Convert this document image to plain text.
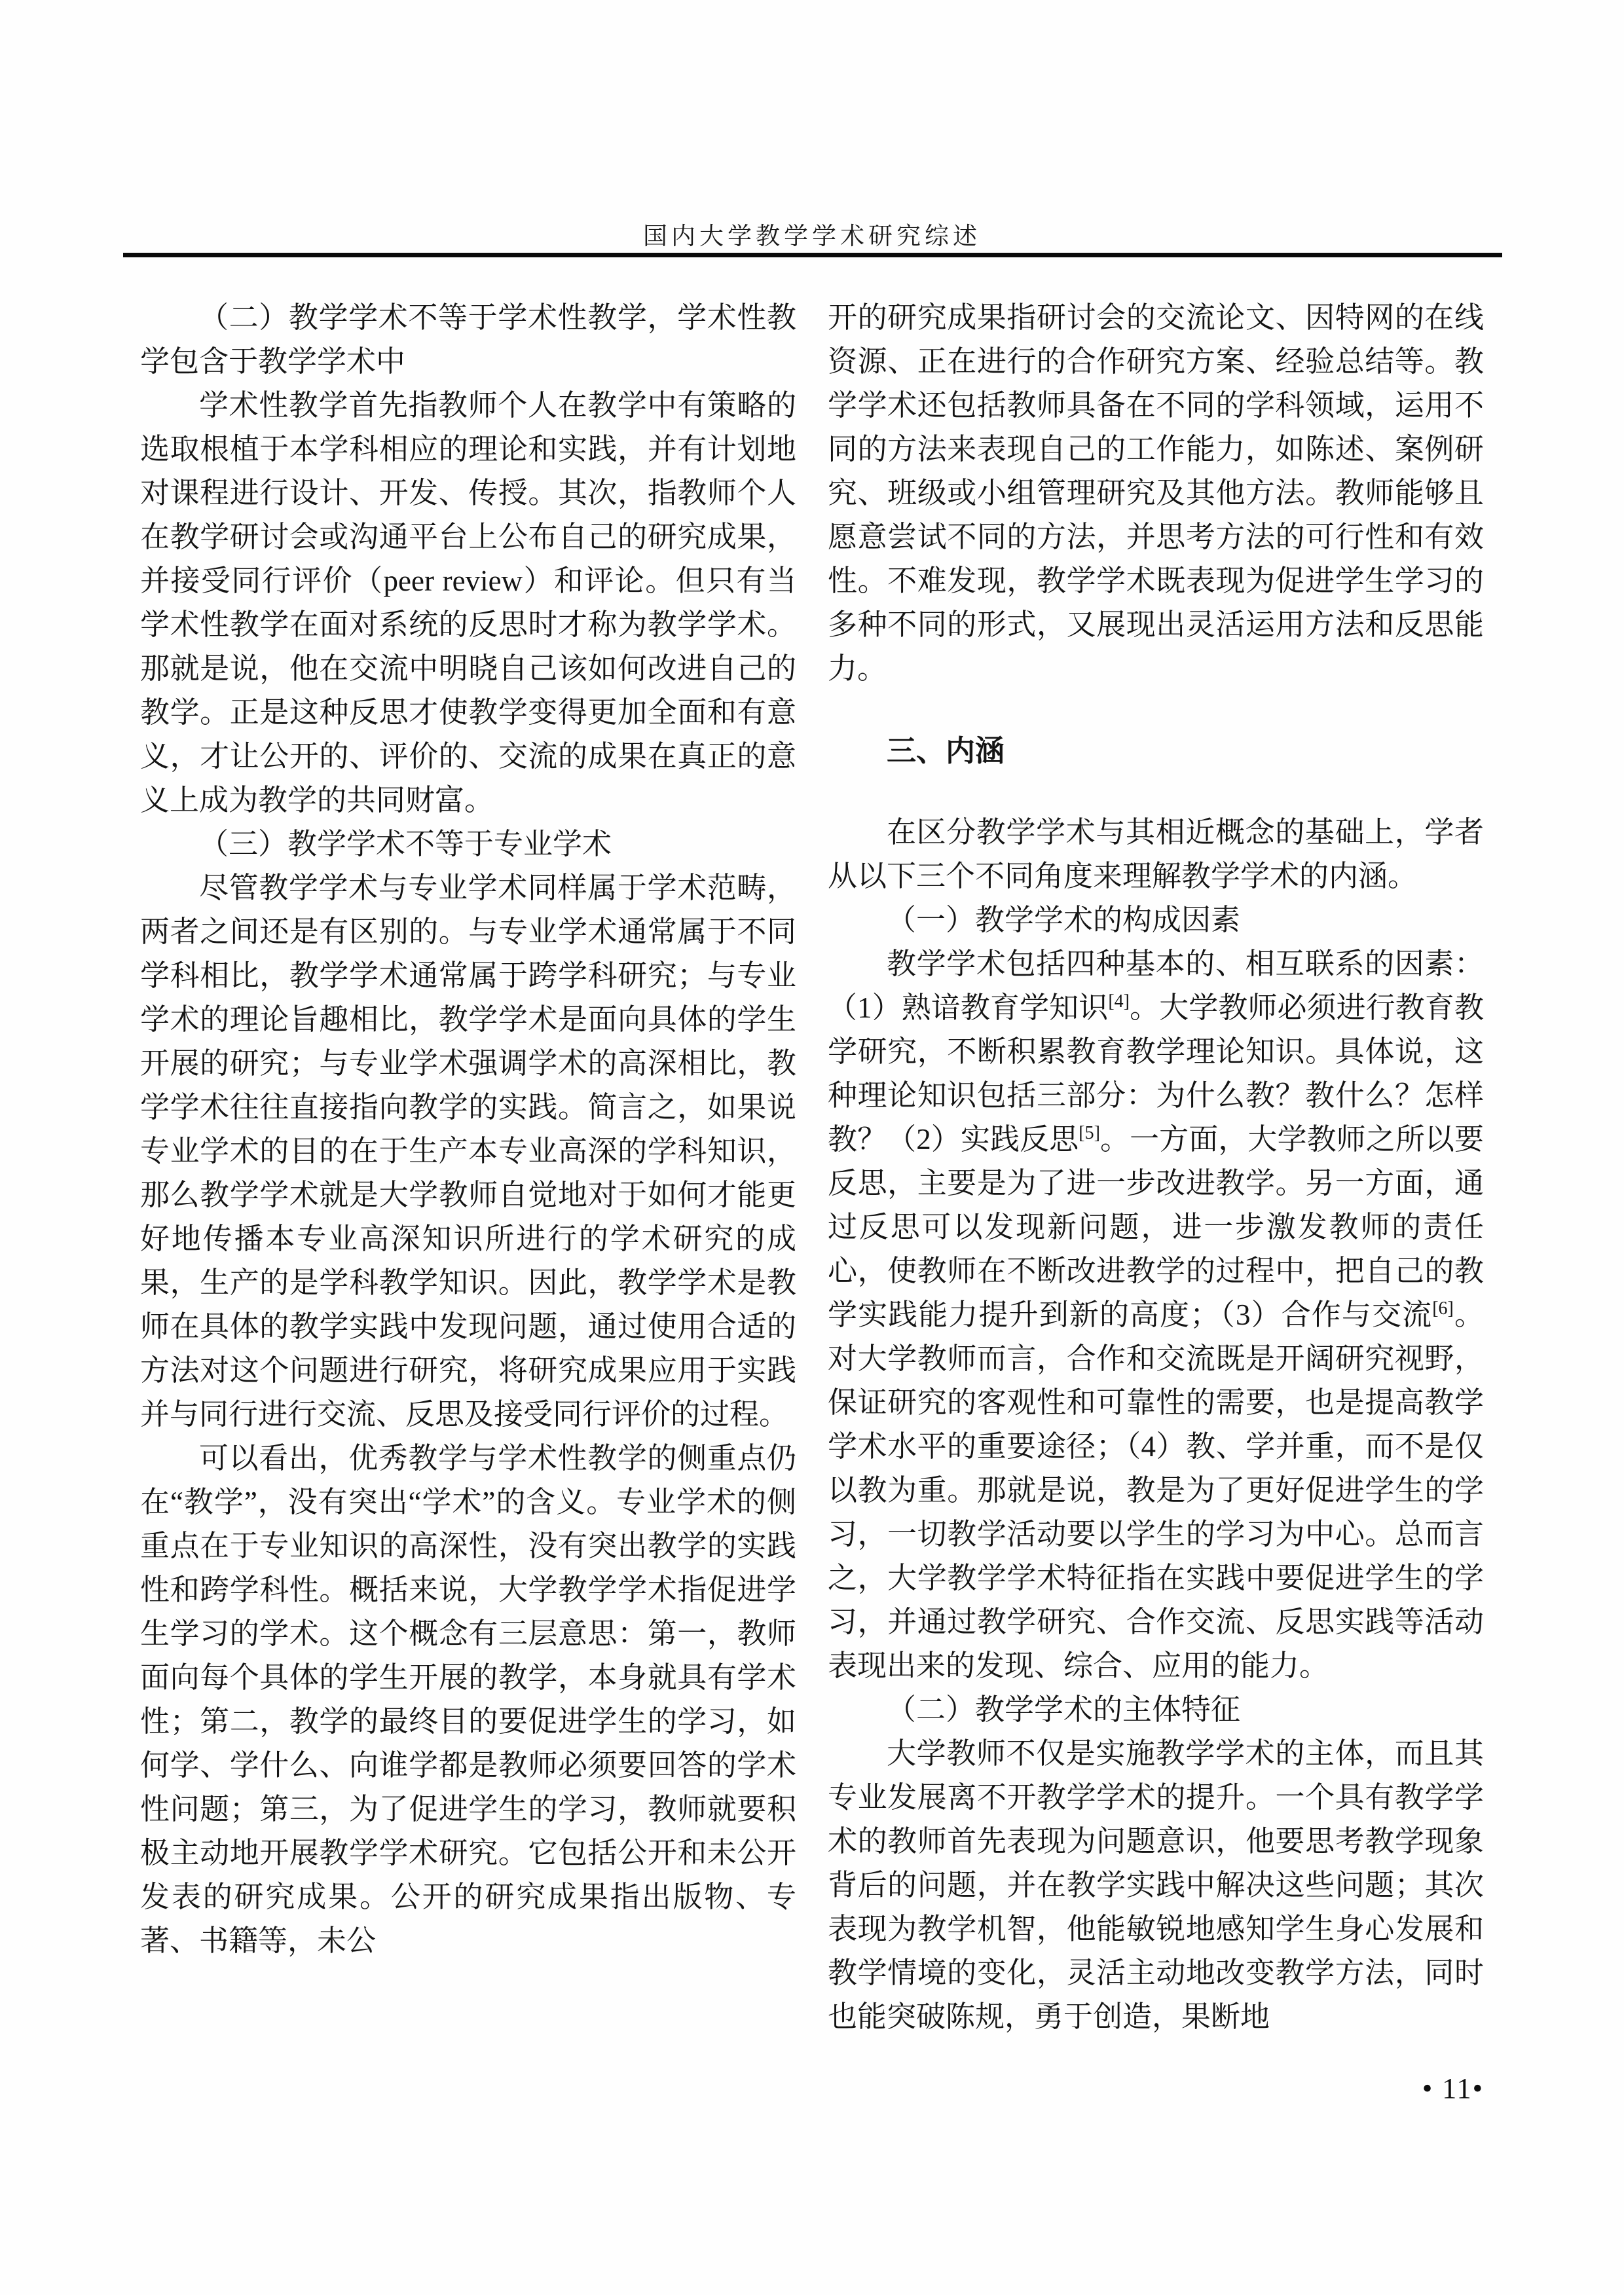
国内大学教学学术研究综述

（二）教学学术不等于学术性教学，学术性教学包含于教学学术中

学术性教学首先指教师个人在教学中有策略的选取根植于本学科相应的理论和实践，并有计划地对课程进行设计、开发、传授。其次，指教师个人在教学研讨会或沟通平台上公布自己的研究成果，并接受同行评价（peer review）和评论。但只有当学术性教学在面对系统的反思时才称为教学学术。那就是说，他在交流中明晓自己该如何改进自己的教学。正是这种反思才使教学变得更加全面和有意义，才让公开的、评价的、交流的成果在真正的意义上成为教学的共同财富。

（三）教学学术不等于专业学术

尽管教学学术与专业学术同样属于学术范畴，两者之间还是有区别的。与专业学术通常属于不同学科相比，教学学术通常属于跨学科研究；与专业学术的理论旨趣相比，教学学术是面向具体的学生开展的研究；与专业学术强调学术的高深相比，教学学术往往直接指向教学的实践。简言之，如果说专业学术的目的在于生产本专业高深的学科知识，那么教学学术就是大学教师自觉地对于如何才能更好地传播本专业高深知识所进行的学术研究的成果，生产的是学科教学知识。因此，教学学术是教师在具体的教学实践中发现问题，通过使用合适的方法对这个问题进行研究，将研究成果应用于实践并与同行进行交流、反思及接受同行评价的过程。

可以看出，优秀教学与学术性教学的侧重点仍在“教学”，没有突出“学术”的含义。专业学术的侧重点在于专业知识的高深性，没有突出教学的实践性和跨学科性。概括来说，大学教学学术指促进学生学习的学术。这个概念有三层意思：第一，教师面向每个具体的学生开展的教学，本身就具有学术性；第二，教学的最终目的要促进学生的学习，如何学、学什么、向谁学都是教师必须要回答的学术性问题；第三，为了促进学生的学习，教师就要积极主动地开展教学学术研究。它包括公开和未公开发表的研究成果。公开的研究成果指出版物、专著、书籍等，未公

开的研究成果指研讨会的交流论文、因特网的在线资源、正在进行的合作研究方案、经验总结等。教学学术还包括教师具备在不同的学科领域，运用不同的方法来表现自己的工作能力，如陈述、案例研究、班级或小组管理研究及其他方法。教师能够且愿意尝试不同的方法，并思考方法的可行性和有效性。不难发现，教学学术既表现为促进学生学习的多种不同的形式，又展现出灵活运用方法和反思能力。

三、内涵

在区分教学学术与其相近概念的基础上，学者从以下三个不同角度来理解教学学术的内涵。

（一）教学学术的构成因素

教学学术包括四种基本的、相互联系的因素：（1）熟谙教育学知识[4]。大学教师必须进行教育教学研究，不断积累教育教学理论知识。具体说，这种理论知识包括三部分：为什么教？教什么？怎样教？（2）实践反思[5]。一方面，大学教师之所以要反思，主要是为了进一步改进教学。另一方面，通过反思可以发现新问题，进一步激发教师的责任心，使教师在不断改进教学的过程中，把自己的教学实践能力提升到新的高度；（3）合作与交流[6]。对大学教师而言，合作和交流既是开阔研究视野，保证研究的客观性和可靠性的需要，也是提高教学学术水平的重要途径；（4）教、学并重，而不是仅以教为重。那就是说，教是为了更好促进学生的学习，一切教学活动要以学生的学习为中心。总而言之，大学教学学术特征指在实践中要促进学生的学习，并通过教学研究、合作交流、反思实践等活动表现出来的发现、综合、应用的能力。

（二）教学学术的主体特征

大学教师不仅是实施教学学术的主体，而且其专业发展离不开教学学术的提升。一个具有教学学术的教师首先表现为问题意识，他要思考教学现象背后的问题，并在教学实践中解决这些问题；其次表现为教学机智，他能敏锐地感知学生身心发展和教学情境的变化，灵活主动地改变教学方法，同时也能突破陈规，勇于创造，果断地

• 11•
